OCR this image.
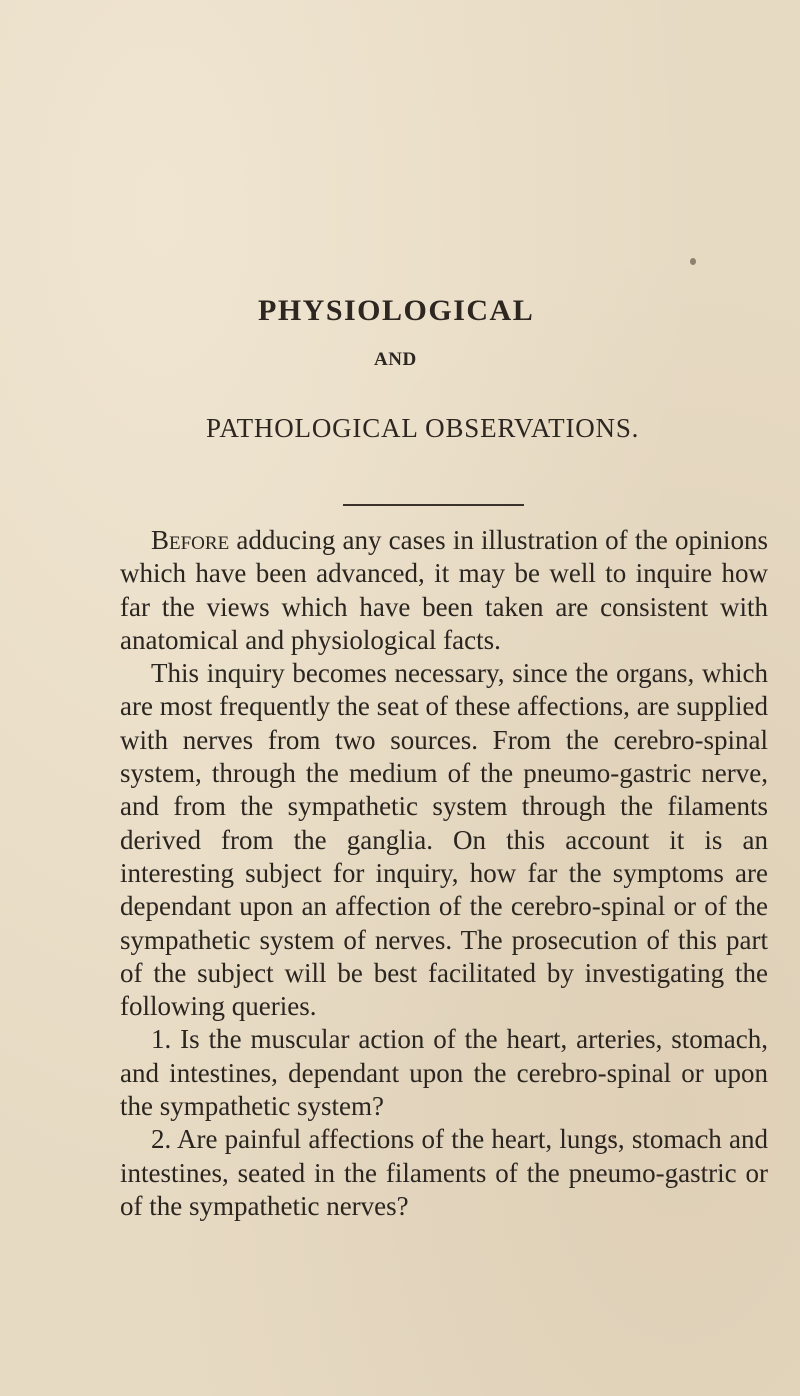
PHYSIOLOGICAL
AND
PATHOLOGICAL OBSERVATIONS.

Before adducing any cases in illustration of the opinions which have been advanced, it may be well to inquire how far the views which have been taken are consistent with anatomical and physiological facts.

This inquiry becomes necessary, since the organs, which are most frequently the seat of these affections, are supplied with nerves from two sources. From the cerebro-spinal system, through the medium of the pneumo-gastric nerve, and from the sympathetic system through the filaments derived from the ganglia. On this account it is an interesting subject for inquiry, how far the symptoms are dependant upon an affection of the cerebro-spinal or of the sympathetic system of nerves. The prosecution of this part of the subject will be best facilitated by investigating the following queries.

1. Is the muscular action of the heart, arteries, stomach, and intestines, dependant upon the cerebro-spinal or upon the sympathetic system?

2. Are painful affections of the heart, lungs, stomach and intestines, seated in the filaments of the pneumo-gastric or of the sympathetic nerves?
